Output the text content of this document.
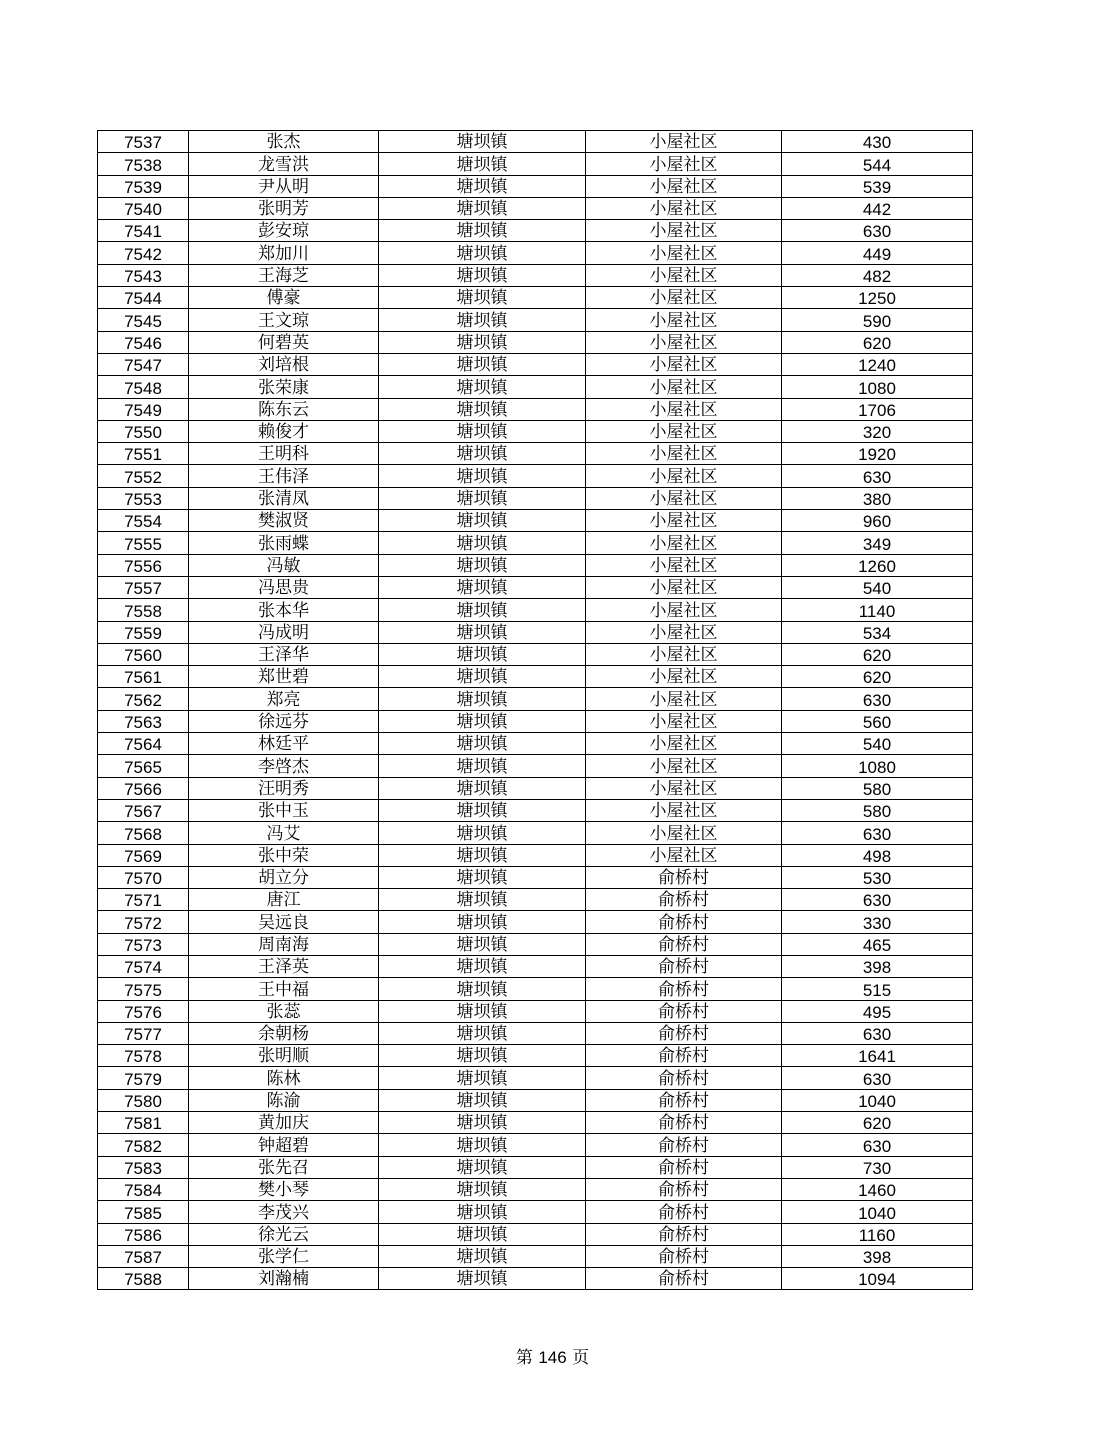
7537	张杰	塘坝镇	小屋社区	430
7538	龙雪洪	塘坝镇	小屋社区	544
7539	尹从明	塘坝镇	小屋社区	539
7540	张明芳	塘坝镇	小屋社区	442
7541	彭安琼	塘坝镇	小屋社区	630
7542	郑加川	塘坝镇	小屋社区	449
7543	王海芝	塘坝镇	小屋社区	482
7544	傅豪	塘坝镇	小屋社区	1250
7545	王文琼	塘坝镇	小屋社区	590
7546	何碧英	塘坝镇	小屋社区	620
7547	刘培根	塘坝镇	小屋社区	1240
7548	张荣康	塘坝镇	小屋社区	1080
7549	陈东云	塘坝镇	小屋社区	1706
7550	赖俊才	塘坝镇	小屋社区	320
7551	王明科	塘坝镇	小屋社区	1920
7552	王伟泽	塘坝镇	小屋社区	630
7553	张清凤	塘坝镇	小屋社区	380
7554	樊淑贤	塘坝镇	小屋社区	960
7555	张雨蝶	塘坝镇	小屋社区	349
7556	冯敏	塘坝镇	小屋社区	1260
7557	冯思贵	塘坝镇	小屋社区	540
7558	张本华	塘坝镇	小屋社区	1140
7559	冯成明	塘坝镇	小屋社区	534
7560	王泽华	塘坝镇	小屋社区	620
7561	郑世碧	塘坝镇	小屋社区	620
7562	郑亮	塘坝镇	小屋社区	630
7563	徐远芬	塘坝镇	小屋社区	560
7564	林廷平	塘坝镇	小屋社区	540
7565	李啓杰	塘坝镇	小屋社区	1080
7566	汪明秀	塘坝镇	小屋社区	580
7567	张中玉	塘坝镇	小屋社区	580
7568	冯艾	塘坝镇	小屋社区	630
7569	张中荣	塘坝镇	小屋社区	498
7570	胡立分	塘坝镇	俞桥村	530
7571	唐江	塘坝镇	俞桥村	630
7572	吴远良	塘坝镇	俞桥村	330
7573	周南海	塘坝镇	俞桥村	465
7574	王泽英	塘坝镇	俞桥村	398
7575	王中福	塘坝镇	俞桥村	515
7576	张蕊	塘坝镇	俞桥村	495
7577	余朝杨	塘坝镇	俞桥村	630
7578	张明顺	塘坝镇	俞桥村	1641
7579	陈林	塘坝镇	俞桥村	630
7580	陈渝	塘坝镇	俞桥村	1040
7581	黄加庆	塘坝镇	俞桥村	620
7582	钟超碧	塘坝镇	俞桥村	630
7583	张先召	塘坝镇	俞桥村	730
7584	樊小琴	塘坝镇	俞桥村	1460
7585	李茂兴	塘坝镇	俞桥村	1040
7586	徐光云	塘坝镇	俞桥村	1160
7587	张学仁	塘坝镇	俞桥村	398
7588	刘瀚楠	塘坝镇	俞桥村	1094
第 146 页
